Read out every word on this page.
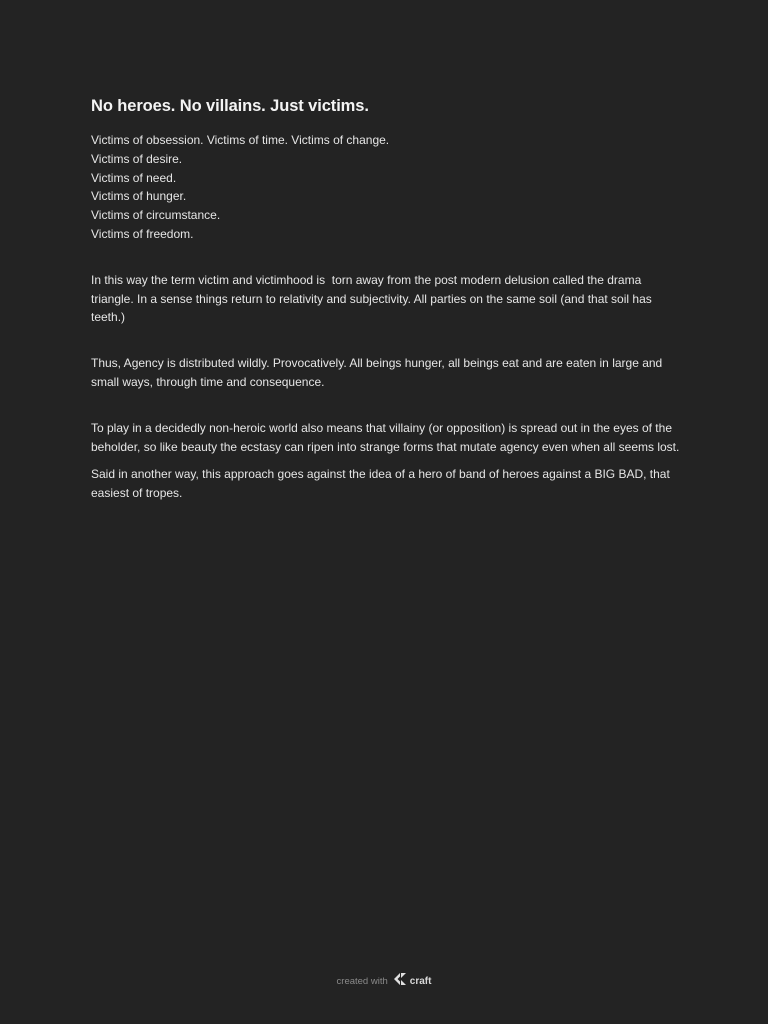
No heroes. No villains. Just victims.
Victims of obsession. Victims of time. Victims of change.
Victims of desire.
Victims of need.
Victims of hunger.
Victims of circumstance.
Victims of freedom.

In this way the term victim and victimhood is  torn away from the post modern delusion called the drama triangle. In a sense things return to relativity and subjectivity. All parties on the same soil (and that soil has teeth.)

Thus, Agency is distributed wildly. Provocatively. All beings hunger, all beings eat and are eaten in large and small ways, through time and consequence.

To play in a decidedly non-heroic world also means that villainy (or opposition) is spread out in the eyes of the beholder, so like beauty the ecstasy can ripen into strange forms that mutate agency even when all seems lost.

Said in another way, this approach goes against the idea of a hero of band of heroes against a BIG BAD, that easiest of tropes.

created with craft
